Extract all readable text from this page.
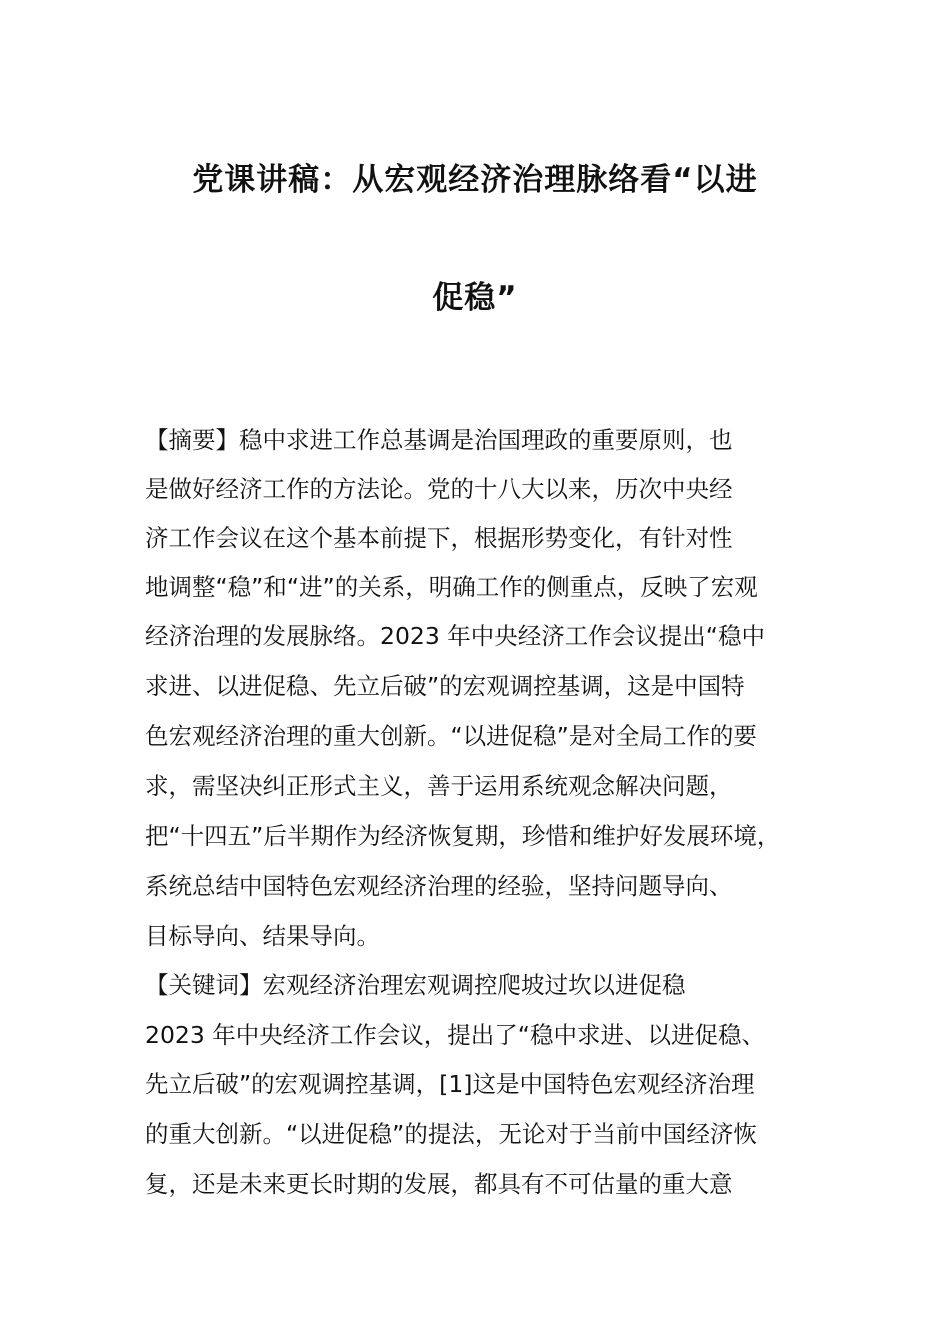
党课讲稿：从宏观经济治理脉络看“以进
促稳”
【摘要】稳中求进工作总基调是治国理政的重要原则，也
是做好经济工作的方法论。党的十八大以来，历次中央经
济工作会议在这个基本前提下，根据形势变化，有针对性
地调整“稳”和“进”的关系，明确工作的侧重点，反映了宏观
经济治理的发展脉络。2023 年中央经济工作会议提出“稳中
求进、以进促稳、先立后破”的宏观调控基调，这是中国特
色宏观经济治理的重大创新。“以进促稳”是对全局工作的要
求，需坚决纠正形式主义，善于运用系统观念解决问题，
把“十四五”后半期作为经济恢复期，珍惜和维护好发展环境，
系统总结中国特色宏观经济治理的经验，坚持问题导向、
目标导向、结果导向。
【关键词】宏观经济治理宏观调控爬坡过坎以进促稳
2023 年中央经济工作会议，提出了“稳中求进、以进促稳、
先立后破”的宏观调控基调，[1]这是中国特色宏观经济治理
的重大创新。“以进促稳”的提法，无论对于当前中国经济恢
复，还是未来更长时期的发展，都具有不可估量的重大意
